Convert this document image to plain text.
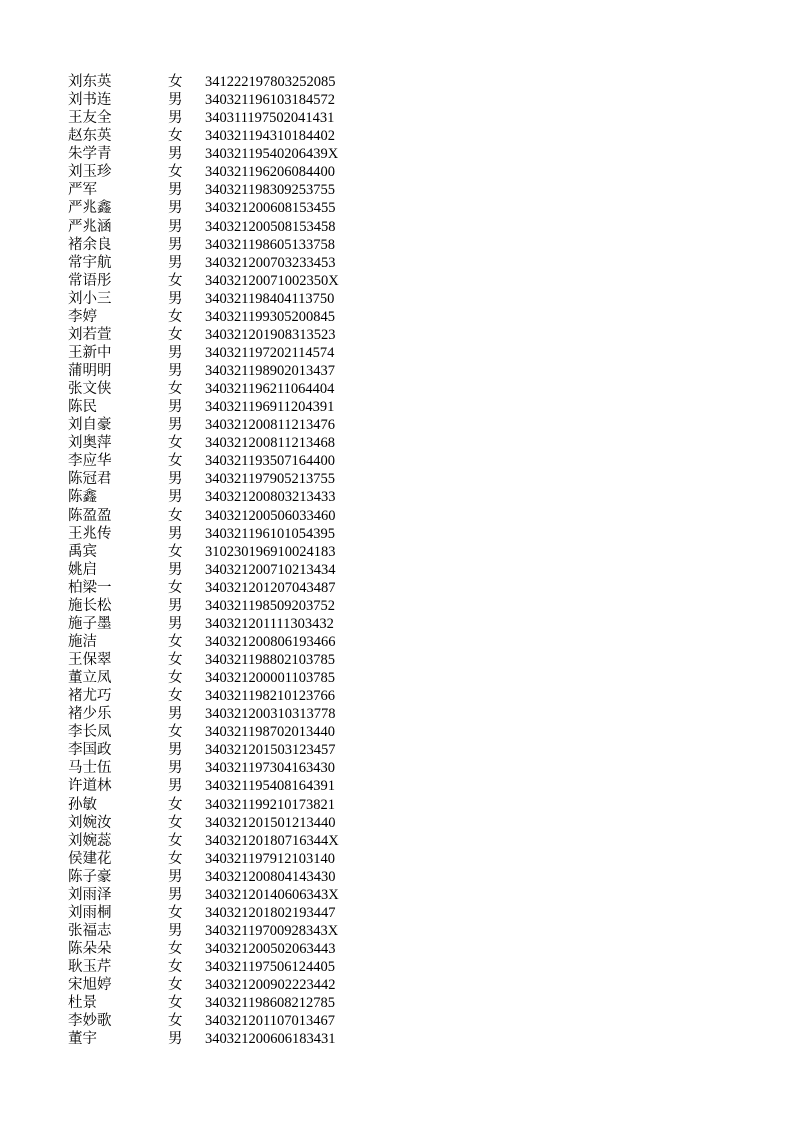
刘东英	女	341222197803252085
刘书连	男	340321196103184572
王友全	男	340311197502041431
赵东英	女	340321194310184402
朱学青	男	34032119540206439X
刘玉珍	女	340321196206084400
严军	男	340321198309253755
严兆鑫	男	340321200608153455
严兆涵	男	340321200508153458
褚余良	男	340321198605133758
常宇航	男	340321200703233453
常语彤	女	34032120071002350X
刘小三	男	340321198404113750
李婷	女	340321199305200845
刘若萱	女	340321201908313523
王新中	男	340321197202114574
蒲明明	男	340321198902013437
张文侠	女	340321196211064404
陈民	男	340321196911204391
刘自豪	男	340321200811213476
刘奥萍	女	340321200811213468
李应华	女	340321193507164400
陈冠君	男	340321197905213755
陈鑫	男	340321200803213433
陈盈盈	女	340321200506033460
王兆传	男	340321196101054395
禹宾	女	310230196910024183
姚启	男	340321200710213434
柏梁一	女	340321201207043487
施长松	男	340321198509203752
施子墨	男	340321201111303432
施洁	女	340321200806193466
王保翠	女	340321198802103785
董立凤	女	340321200001103785
褚尤巧	女	340321198210123766
褚少乐	男	340321200310313778
李长凤	女	340321198702013440
李国政	男	340321201503123457
马士伍	男	340321197304163430
许道林	男	340321195408164391
孙敏	女	340321199210173821
刘婉汝	女	340321201501213440
刘婉蕊	女	34032120180716344X
侯建花	女	340321197912103140
陈子豪	男	340321200804143430
刘雨泽	男	34032120140606343X
刘雨桐	女	340321201802193447
张福志	男	34032119700928343X
陈朵朵	女	340321200502063443
耿玉芹	女	340321197506124405
宋旭婷	女	340321200902223442
杜景	女	340321198608212785
李妙歌	女	340321201107013467
董宇	男	340321200606183431
